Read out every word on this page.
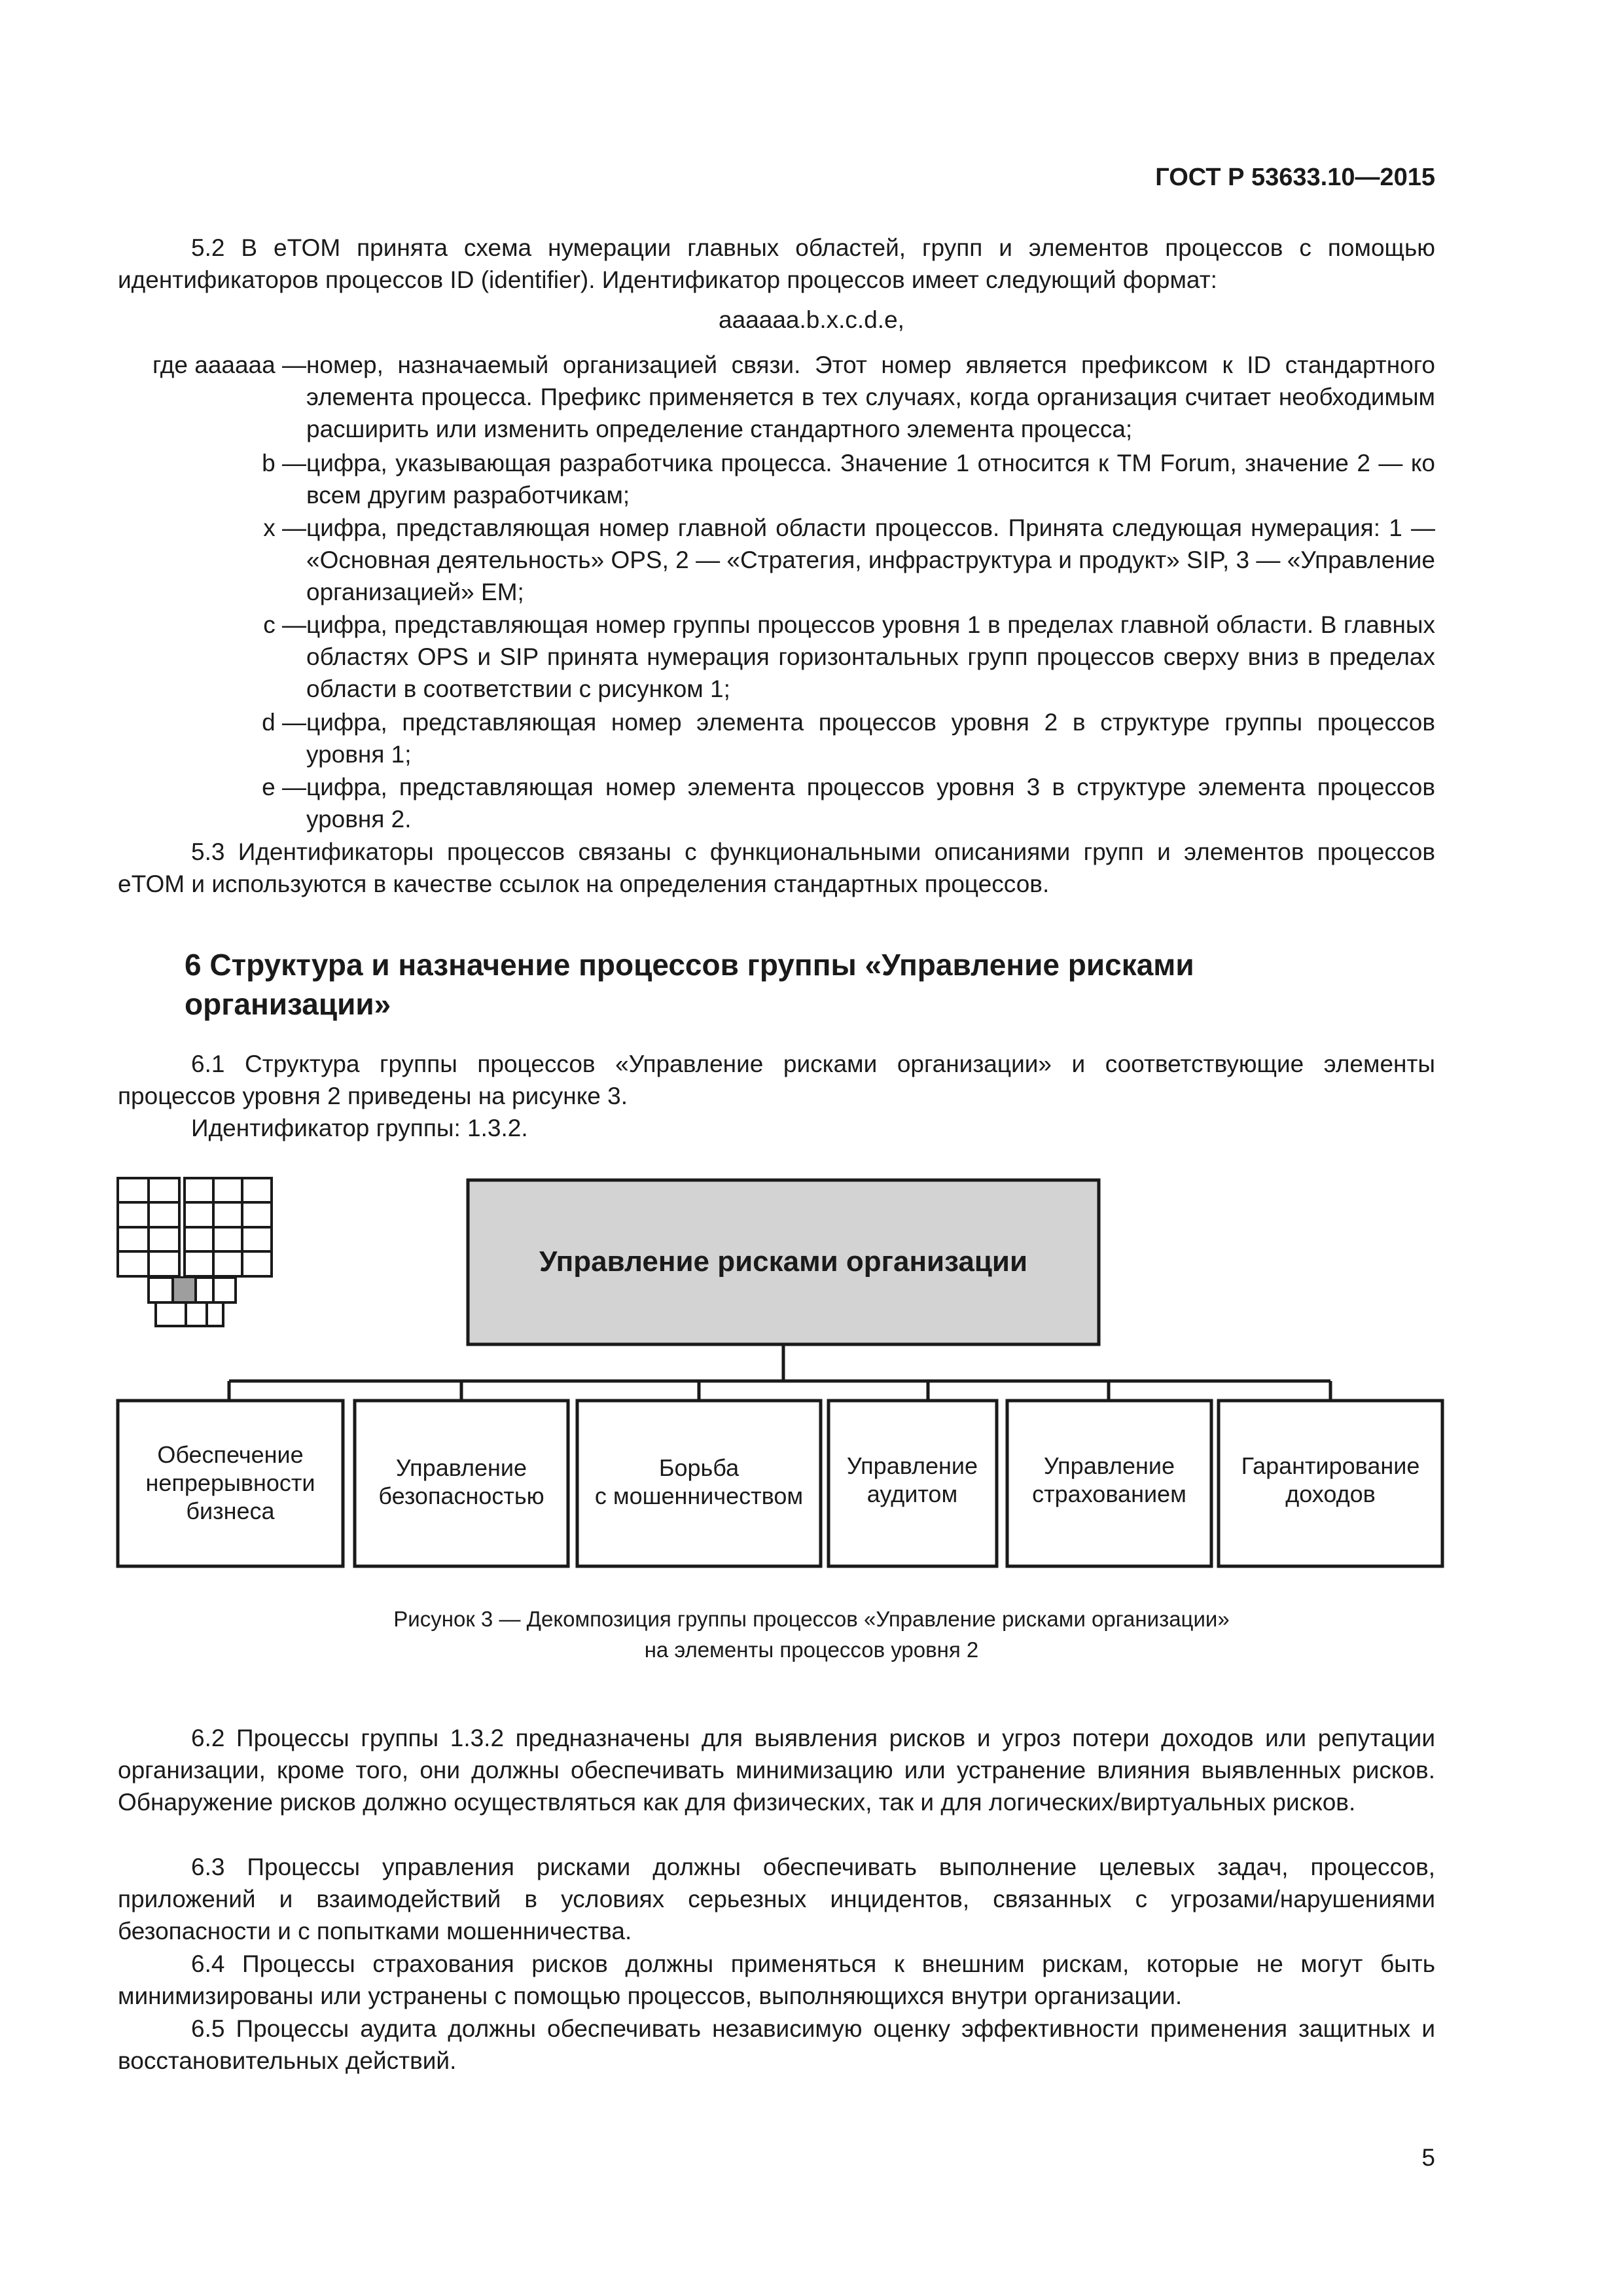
ГОСТ Р 53633.10—2015
5.2 В eTOM принята схема нумерации главных областей, групп и элементов процессов с помощью идентификаторов процессов ID (identifier). Идентификатор процессов имеет следующий формат:
aaaaaa.b.x.c.d.e,
где aaaaaa — номер, назначаемый организацией связи. Этот номер является префиксом к ID стандартного элемента процесса. Префикс применяется в тех случаях, когда организация считает необходимым расширить или изменить определение стандартного элемента процесса;
b — цифра, указывающая разработчика процесса. Значение 1 относится к TM Forum, значение 2 — ко всем другим разработчикам;
x — цифра, представляющая номер главной области процессов. Принята следующая нумерация: 1 — «Основная деятельность» OPS, 2 — «Стратегия, инфраструктура и продукт» SIP, 3 — «Управление организацией» EM;
c — цифра, представляющая номер группы процессов уровня 1 в пределах главной области. В главных областях OPS и SIP принята нумерация горизонтальных групп процессов сверху вниз в пределах области в соответствии с рисунком 1;
d — цифра, представляющая номер элемента процессов уровня 2 в структуре группы процессов уровня 1;
e — цифра, представляющая номер элемента процессов уровня 3 в структуре элемента процессов уровня 2.
5.3 Идентификаторы процессов связаны с функциональными описаниями групп и элементов процессов eTOM и используются в качестве ссылок на определения стандартных процессов.
6 Структура и назначение процессов группы «Управление рисками
организации»
6.1 Структура группы процессов «Управление рисками организации» и соответствующие элементы процессов уровня 2 приведены на рисунке 3.
Идентификатор группы: 1.3.2.
Управление рисками организации
Обеспечение
непрерывности
бизнеса
Управление
безопасностью
Борьба
с мошенничеством
Управление
аудитом
Управление
страхованием
Гарантирование
доходов
Рисунок 3 — Декомпозиция группы процессов «Управление рисками организации»
на элементы процессов уровня 2
6.2 Процессы группы 1.3.2 предназначены для выявления рисков и угроз потери доходов или репутации организации, кроме того, они должны обеспечивать минимизацию или устранение влияния выявленных рисков. Обнаружение рисков должно осуществляться как для физических, так и для логических/виртуальных рисков.
6.3 Процессы управления рисками должны обеспечивать выполнение целевых задач, процессов, приложений и взаимодействий в условиях серьезных инцидентов, связанных с угрозами/нарушениями безопасности и с попытками мошенничества.
6.4 Процессы страхования рисков должны применяться к внешним рискам, которые не могут быть минимизированы или устранены с помощью процессов, выполняющихся внутри организации.
6.5 Процессы аудита должны обеспечивать независимую оценку эффективности применения защитных и восстановительных действий.
5
